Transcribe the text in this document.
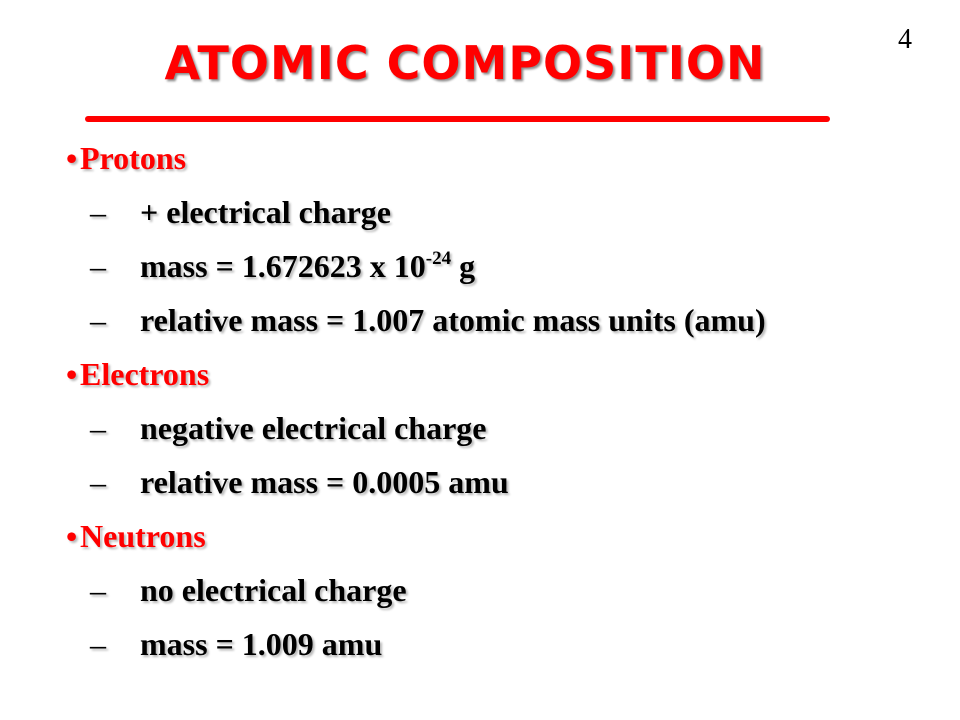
4
ATOMIC COMPOSITION
•Protons
– + electrical charge
– mass = 1.672623 x $10^{-24}$ g
– relative mass = 1.007 atomic mass units (amu)
•Electrons
– negative electrical charge
– relative mass = 0.0005 amu
•Neutrons
– no electrical charge
– mass = 1.009 amu
